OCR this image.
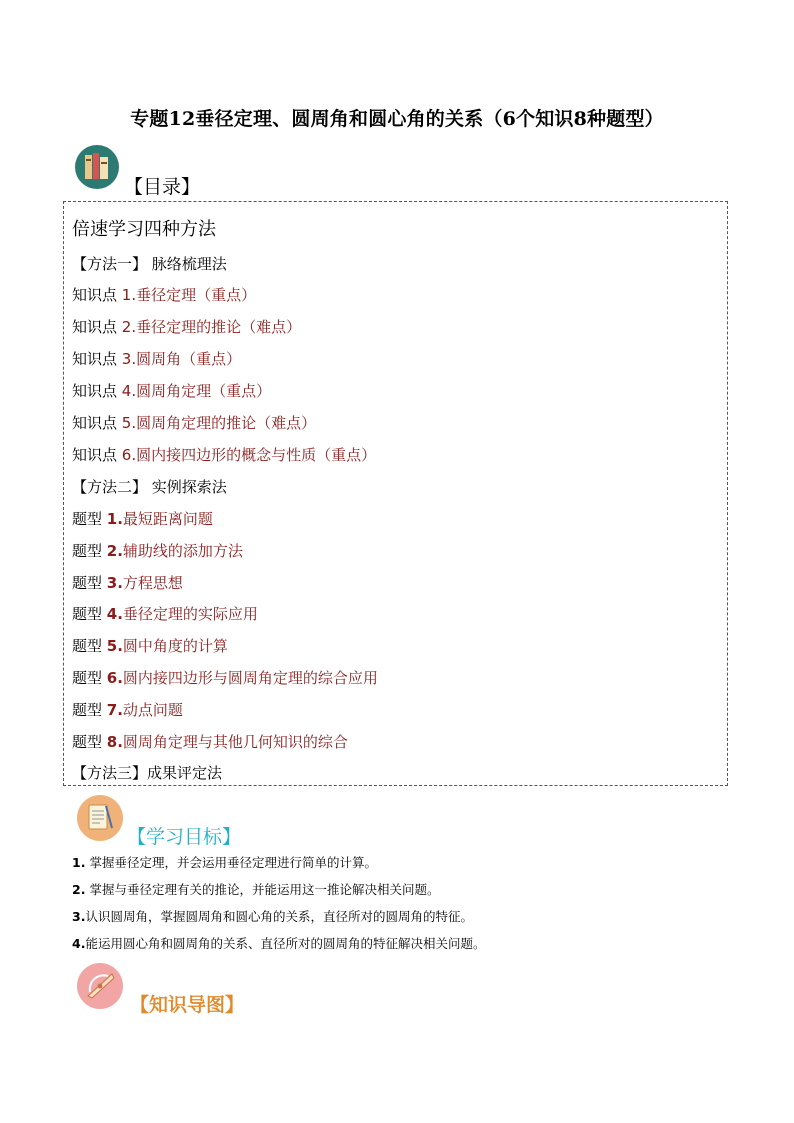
专题12垂径定理、圆周角和圆心角的关系（6个知识8种题型）
【目录】
倍速学习四种方法
【方法一】 脉络梳理法
知识点 1.垂径定理（重点）
知识点 2.垂径定理的推论（难点）
知识点 3.圆周角（重点）
知识点 4.圆周角定理（重点）
知识点 5.圆周角定理的推论（难点）
知识点 6.圆内接四边形的概念与性质（重点）
【方法二】 实例探索法
题型 1.最短距离问题
题型 2.辅助线的添加方法
题型 3.方程思想
题型 4.垂径定理的实际应用
题型 5.圆中角度的计算
题型 6.圆内接四边形与圆周角定理的综合应用
题型 7.动点问题
题型 8.圆周角定理与其他几何知识的综合
【方法三】成果评定法
【学习目标】
1. 掌握垂径定理，并会运用垂径定理进行简单的计算。
2. 掌握与垂径定理有关的推论，并能运用这一推论解决相关问题。
3.认识圆周角，掌握圆周角和圆心角的关系，直径所对的圆周角的特征。
4.能运用圆心角和圆周角的关系、直径所对的圆周角的特征解决相关问题。
【知识导图】
